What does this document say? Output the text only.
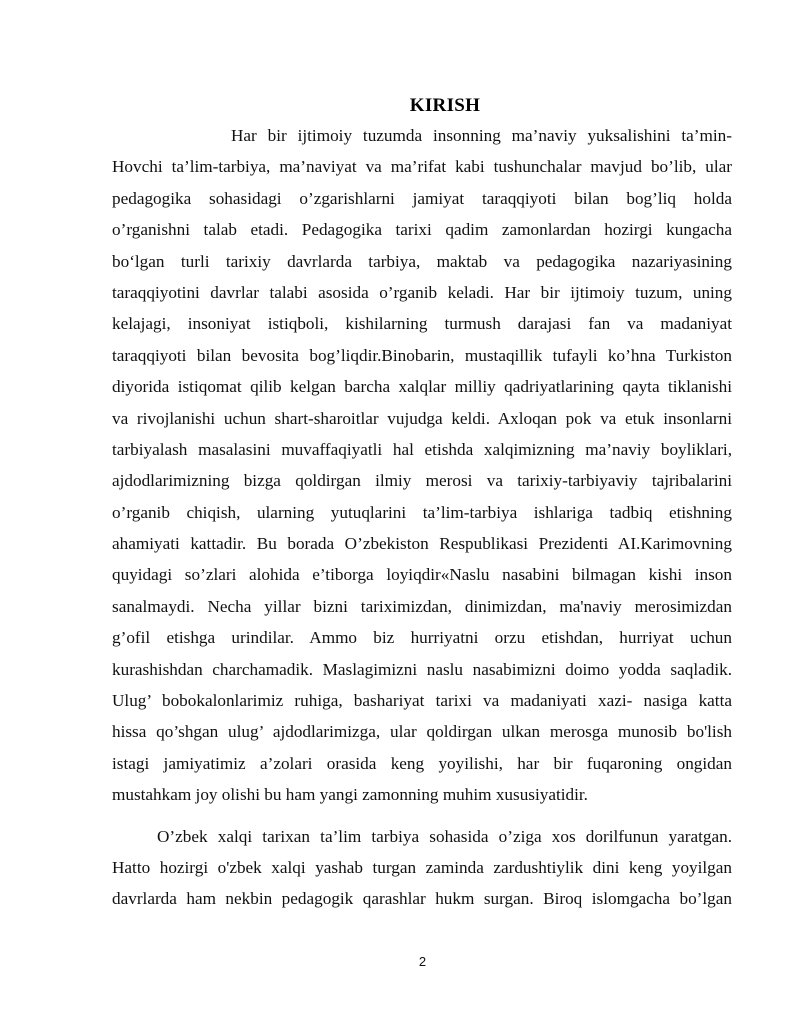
KIRISH
Har bir ijtimoiy tuzumda insonning ma’naviy yuksalishini ta’min-
Hovchi ta’lim-tarbiya, ma’naviyat va ma’rifat kabi tushunchalar mavjud bo’lib, ular
pedagogika sohasidagi o’zgarishlarni jamiyat taraqqiyoti bilan bog’liq holda
o’rganishni talab etadi. Pedagogika tarixi qadim zamonlardan hozirgi kungacha
bo‘lgan turli tarixiy davrlarda tarbiya, maktab va pedagogika nazariyasining
taraqqiyotini davrlar talabi asosida o’rganib keladi. Har bir ijtimoiy tuzum, uning
kelajagi, insoniyat istiqboli, kishilarning turmush darajasi fan va madaniyat
taraqqiyoti bilan bevosita bog’liqdir.Binobarin, mustaqillik tufayli ko’hna Turkiston
diyorida istiqomat qilib kelgan barcha xalqlar milliy qadriyatlarining qayta tiklanishi
va rivojlanishi uchun shart-sharoitlar vujudga keldi. Axloqan pok va etuk insonlarni
tarbiyalash masalasini muvaffaqiyatli hal etishda xalqimizning ma’naviy boyliklari,
ajdodlarimizning bizga qoldirgan ilmiy merosi va tarixiy-tarbiyaviy tajribalarini
o’rganib chiqish, ularning yutuqlarini ta’lim-tarbiya ishlariga tadbiq etishning
ahamiyati kattadir. Bu borada O’zbekiston Respublikasi Prezidenti AI.Karimovning
quyidagi so’zlari alohida e’tiborga loyiqdir«Naslu nasabini bilmagan kishi inson
sanalmaydi. Necha yillar bizni tariximizdan, dinimizdan, ma'naviy merosimizdan
g’ofil etishga urindilar. Ammo biz hurriyatni orzu etishdan, hurriyat uchun
kurashishdan charchamadik. Maslagimizni naslu nasabimizni doimo yodda saqladik.
Ulug’ bobokalonlarimiz ruhiga, bashariyat tarixi va madaniyati xazi- nasiga katta
hissa qo’shgan ulug’ ajdodlarimizga, ular qoldirgan ulkan merosga munosib bo'lish
istagi jamiyatimiz a’zolari orasida keng yoyilishi, har bir fuqaroning ongidan
mustahkam joy olishi bu ham yangi zamonning muhim xususiyatidir.
O’zbek xalqi tarixan ta’lim tarbiya sohasida o’ziga xos dorilfunun yaratgan.
Hatto hozirgi o'zbek xalqi yashab turgan zaminda zardushtiylik dini keng yoyilgan
davrlarda ham nekbin pedagogik qarashlar hukm surgan. Biroq islomgacha bo’lgan
2
